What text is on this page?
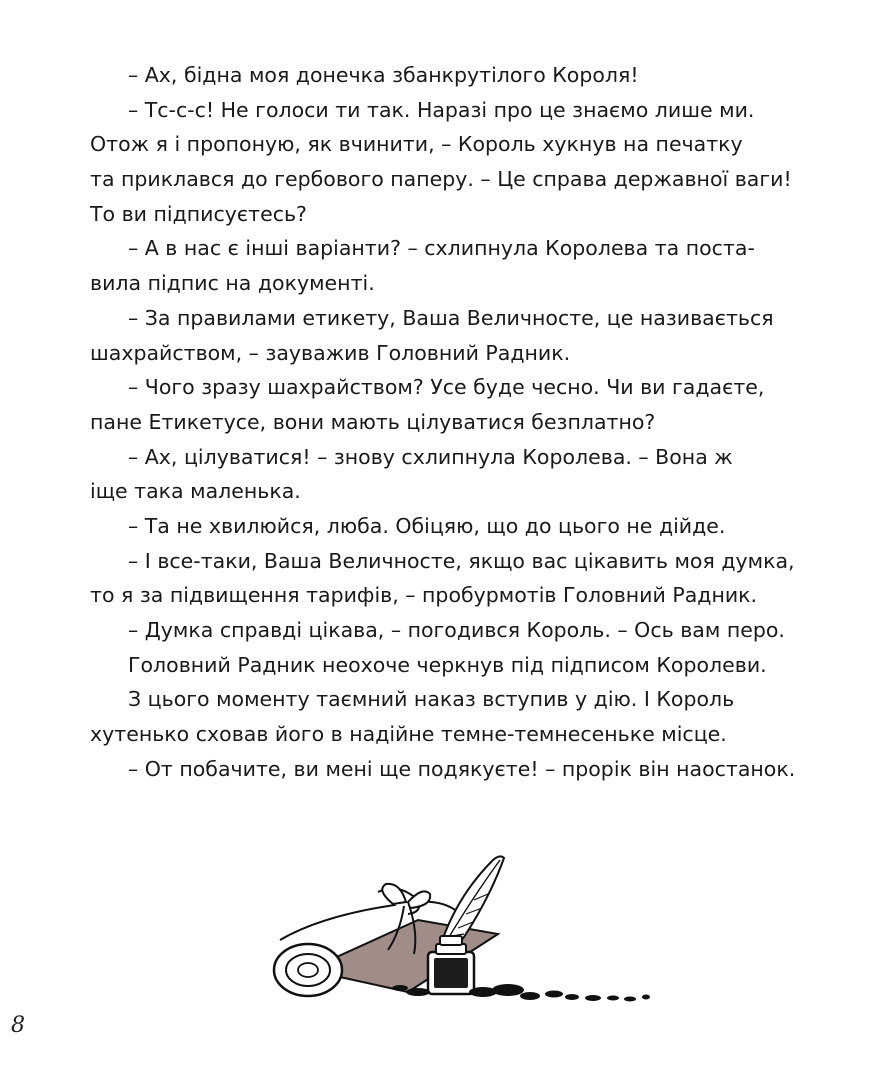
– Ах, бідна моя донечка збанкрутілого Короля!
– Тс-с-с! Не голоси ти так. Наразі про це знаємо лише ми.
Отож я і пропоную, як вчинити, – Король хукнув на печатку
та приклався до гербового паперу. – Це справа державної ваги!
То ви підписуєтесь?
– А в нас є інші варіанти? – схлипнула Королева та поста-
вила підпис на документі.
– За правилами етикету, Ваша Величносте, це називається
шахрайством, – зауважив Головний Радник.
– Чого зразу шахрайством? Усе буде чесно. Чи ви гадаєте,
пане Етикетусе, вони мають цілуватися безплатно?
– Ах, цілуватися! – знову схлипнула Королева. – Вона ж
іще така маленька.
– Та не хвилюйся, люба. Обіцяю, що до цього не дійде.
– І все-таки, Ваша Величносте, якщо вас цікавить моя думка,
то я за підвищення тарифів, – пробурмотів Головний Радник.
– Думка справді цікава, – погодився Король. – Ось вам перо.
Головний Радник неохоче черкнув під підписом Королеви.
З цього моменту таємний наказ вступив у дію. І Король
хутенько сховав його в надійне темне-темнесеньке місце.
– От побачите, ви мені ще подякуєте! – прорік він наостанок.
8
